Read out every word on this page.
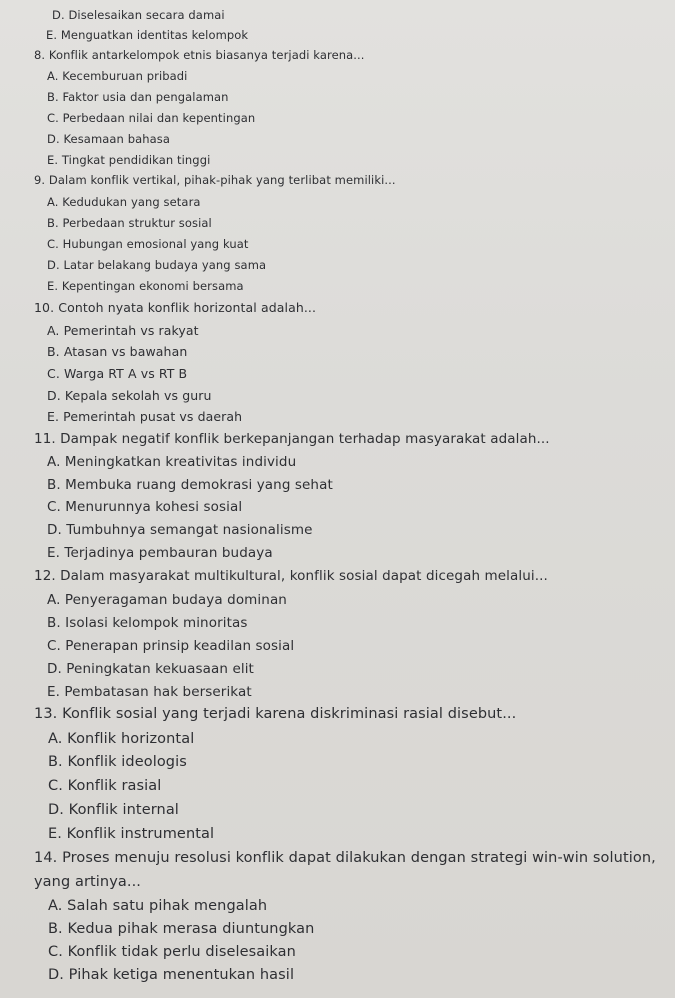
D. Diselesaikan secara damai
E. Menguatkan identitas kelompok
8. Konflik antarkelompok etnis biasanya terjadi karena...
A. Kecemburuan pribadi
B. Faktor usia dan pengalaman
C. Perbedaan nilai dan kepentingan
D. Kesamaan bahasa
E. Tingkat pendidikan tinggi
9. Dalam konflik vertikal, pihak-pihak yang terlibat memiliki...
A. Kedudukan yang setara
B. Perbedaan struktur sosial
C. Hubungan emosional yang kuat
D. Latar belakang budaya yang sama
E. Kepentingan ekonomi bersama
10. Contoh nyata konflik horizontal adalah...
A. Pemerintah vs rakyat
B. Atasan vs bawahan
C. Warga RT A vs RT B
D. Kepala sekolah vs guru
E. Pemerintah pusat vs daerah
11. Dampak negatif konflik berkepanjangan terhadap masyarakat adalah...
A. Meningkatkan kreativitas individu
B. Membuka ruang demokrasi yang sehat
C. Menurunnya kohesi sosial
D. Tumbuhnya semangat nasionalisme
E. Terjadinya pembauran budaya
12. Dalam masyarakat multikultural, konflik sosial dapat dicegah melalui...
A. Penyeragaman budaya dominan
B. Isolasi kelompok minoritas
C. Penerapan prinsip keadilan sosial
D. Peningkatan kekuasaan elit
E. Pembatasan hak berserikat
13. Konflik sosial yang terjadi karena diskriminasi rasial disebut...
A. Konflik horizontal
B. Konflik ideologis
C. Konflik rasial
D. Konflik internal
E. Konflik instrumental
14. Proses menuju resolusi konflik dapat dilakukan dengan strategi win-win solution,
yang artinya...
A. Salah satu pihak mengalah
B. Kedua pihak merasa diuntungkan
C. Konflik tidak perlu diselesaikan
D. Pihak ketiga menentukan hasil
